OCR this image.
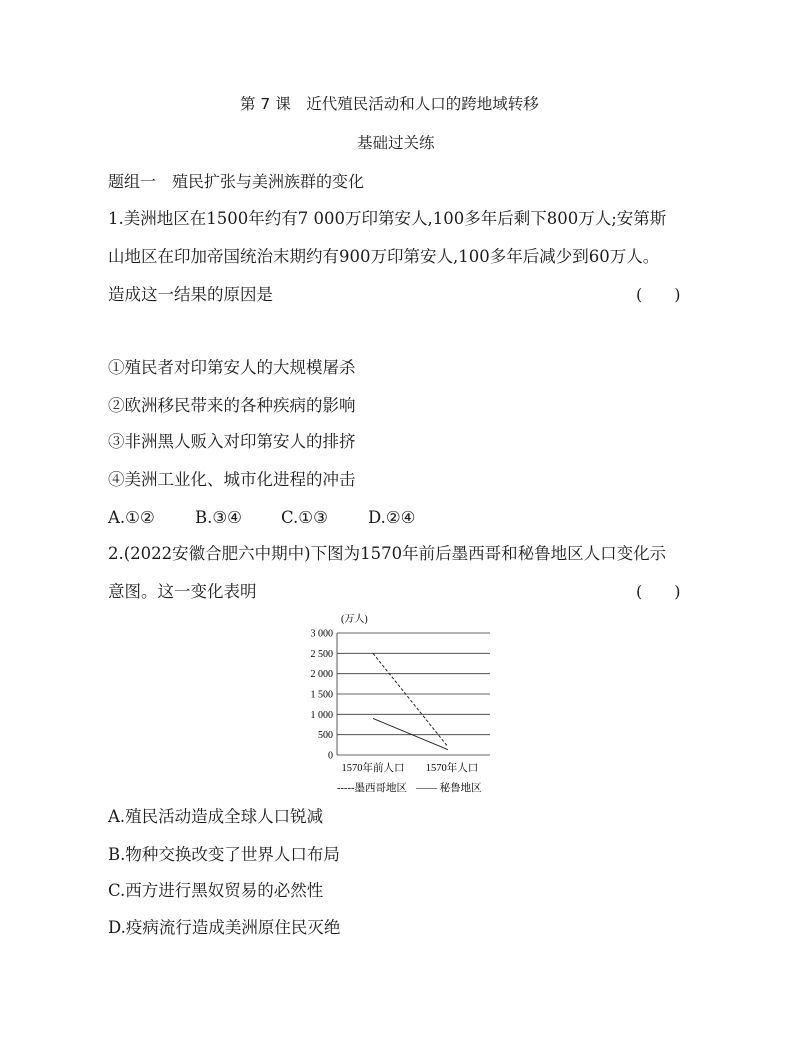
第 7 课　近代殖民活动和人口的跨地域转移
基础过关练
题组一　殖民扩张与美洲族群的变化
1.美洲地区在1500年约有7 000万印第安人,100多年后剩下800万人;安第斯
山地区在印加帝国统治末期约有900万印第安人,100多年后减少到60万人。
造成这一结果的原因是	(　　)
①殖民者对印第安人的大规模屠杀
②欧洲移民带来的各种疾病的影响
③非洲黑人贩入对印第安人的排挤
④美洲工业化、城市化进程的冲击
A.①② B.③④ C.①③ D.②④
2.(2022安徽合肥六中期中)下图为1570年前后墨西哥和秘鲁地区人口变化示
意图。这一变化表明	(　　)
(万人)
3 000
2 500
2 000
1 500
1 000
500
0
1570年前人口 1570年人口
-----墨西哥地区 —— 秘鲁地区
A.殖民活动造成全球人口锐减
B.物种交换改变了世界人口布局
C.西方进行黑奴贸易的必然性
D.疫病流行造成美洲原住民灭绝
